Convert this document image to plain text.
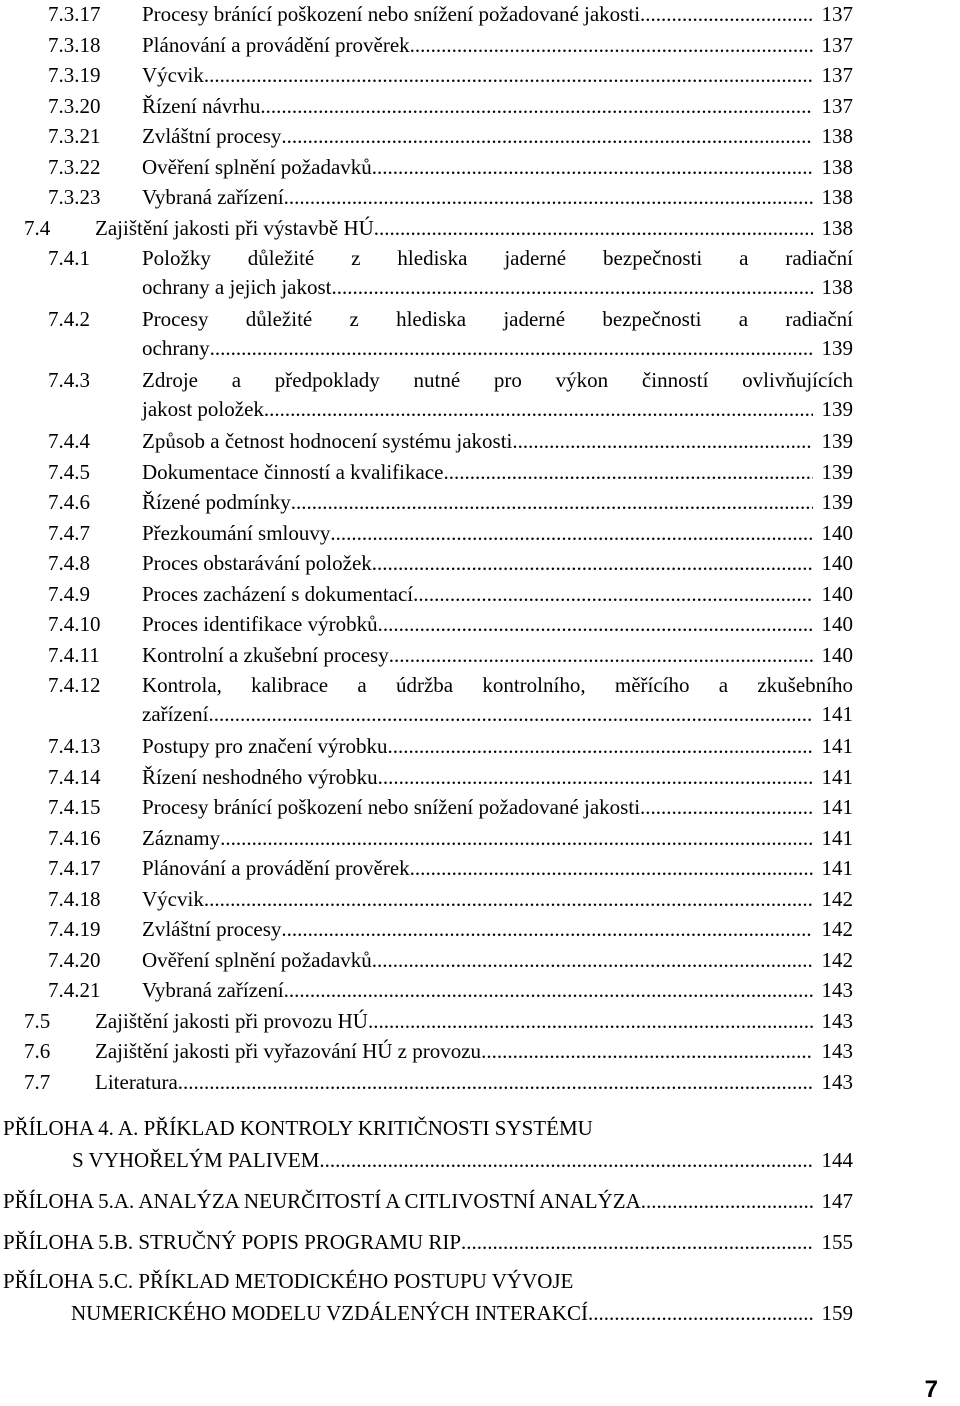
7.3.17 Procesy bránící poškození nebo snížení požadované jakosti .....	137
7.3.18 Plánování a provádění prověrek .....	137
7.3.19 Výcvik .....	137
7.3.20 Řízení návrhu .....	137
7.3.21 Zvláštní procesy .....	138
7.3.22 Ověření splnění požadavků .....	138
7.3.23 Vybraná zařízení .....	138
7.4 Zajištění jakosti při výstavbě HÚ .....	138
7.4.1 Položky důležité z hlediska jaderné bezpečnosti a radiační
ochrany a jejich jakost .....	138
7.4.2 Procesy důležité z hlediska jaderné bezpečnosti a radiační
ochrany .....	139
7.4.3 Zdroje a předpoklady nutné pro výkon činností ovlivňujících
jakost položek .....	139
7.4.4 Způsob a četnost hodnocení systému jakosti .....	139
7.4.5 Dokumentace činností a kvalifikace .....	139
7.4.6 Řízené podmínky .....	139
7.4.7 Přezkoumání smlouvy .....	140
7.4.8 Proces obstarávání položek .....	140
7.4.9 Proces zacházení s dokumentací .....	140
7.4.10 Proces identifikace výrobků .....	140
7.4.11 Kontrolní a zkušební procesy .....	140
7.4.12 Kontrola, kalibrace a údržba kontrolního, měřícího a zkušebního
zařízení .....	141
7.4.13 Postupy pro značení výrobku .....	141
7.4.14 Řízení neshodného výrobku .....	141
7.4.15 Procesy bránící poškození nebo snížení požadované jakosti .....	141
7.4.16 Záznamy .....	141
7.4.17 Plánování a provádění prověrek .....	141
7.4.18 Výcvik .....	142
7.4.19 Zvláštní procesy .....	142
7.4.20 Ověření splnění požadavků .....	142
7.4.21 Vybraná zařízení .....	143
7.5 Zajištění jakosti při provozu HÚ .....	143
7.6 Zajištění jakosti při vyřazování HÚ z provozu .....	143
7.7 Literatura .....	143
PŘÍLOHA 4. A. PŘÍKLAD KONTROLY KRITIČNOSTI SYSTÉMU
S VYHOŘELÝM PALIVEM .....	144
PŘÍLOHA 5.A. ANALÝZA NEURČITOSTÍ A CITLIVOSTNÍ ANALÝZA .....	147
PŘÍLOHA 5.B. STRUČNÝ POPIS PROGRAMU RIP .....	155
PŘÍLOHA 5.C. PŘÍKLAD METODICKÉHO POSTUPU VÝVOJE
NUMERICKÉHO MODELU VZDÁLENÝCH INTERAKCÍ .....	159
7
